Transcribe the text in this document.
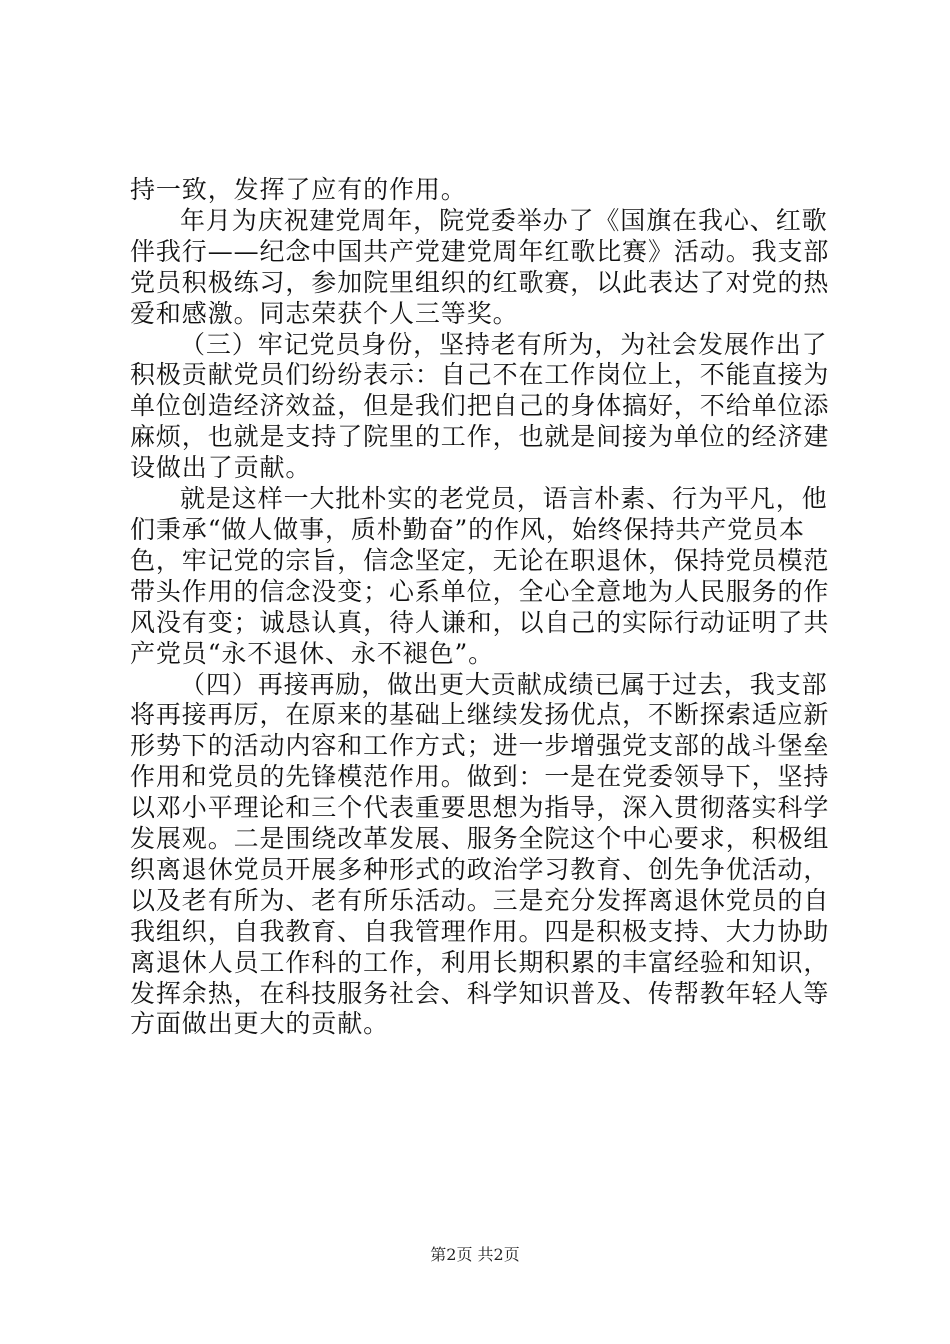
持一致，发挥了应有的作用。
年月为庆祝建党周年，院党委举办了《国旗在我心、红歌
伴我行——纪念中国共产党建党周年红歌比赛》活动。我支部
党员积极练习，参加院里组织的红歌赛，以此表达了对党的热
爱和感激。同志荣获个人三等奖。
（三）牢记党员身份，坚持老有所为，为社会发展作出了
积极贡献党员们纷纷表示：自己不在工作岗位上，不能直接为
单位创造经济效益，但是我们把自己的身体搞好，不给单位添
麻烦，也就是支持了院里的工作，也就是间接为单位的经济建
设做出了贡献。
就是这样一大批朴实的老党员，语言朴素、行为平凡，他
们秉承“做人做事，质朴勤奋”的作风，始终保持共产党员本
色，牢记党的宗旨，信念坚定，无论在职退休，保持党员模范
带头作用的信念没变；心系单位，全心全意地为人民服务的作
风没有变；诚恳认真，待人谦和，以自己的实际行动证明了共
产党员“永不退休、永不褪色”。
（四）再接再励，做出更大贡献成绩已属于过去，我支部
将再接再厉，在原来的基础上继续发扬优点，不断探索适应新
形势下的活动内容和工作方式；进一步增强党支部的战斗堡垒
作用和党员的先锋模范作用。做到：一是在党委领导下，坚持
以邓小平理论和三个代表重要思想为指导，深入贯彻落实科学
发展观。二是围绕改革发展、服务全院这个中心要求，积极组
织离退休党员开展多种形式的政治学习教育、创先争优活动，
以及老有所为、老有所乐活动。三是充分发挥离退休党员的自
我组织，自我教育、自我管理作用。四是积极支持、大力协助
离退休人员工作科的工作，利用长期积累的丰富经验和知识，
发挥余热，在科技服务社会、科学知识普及、传帮教年轻人等
方面做出更大的贡献。
第2页 共2页
